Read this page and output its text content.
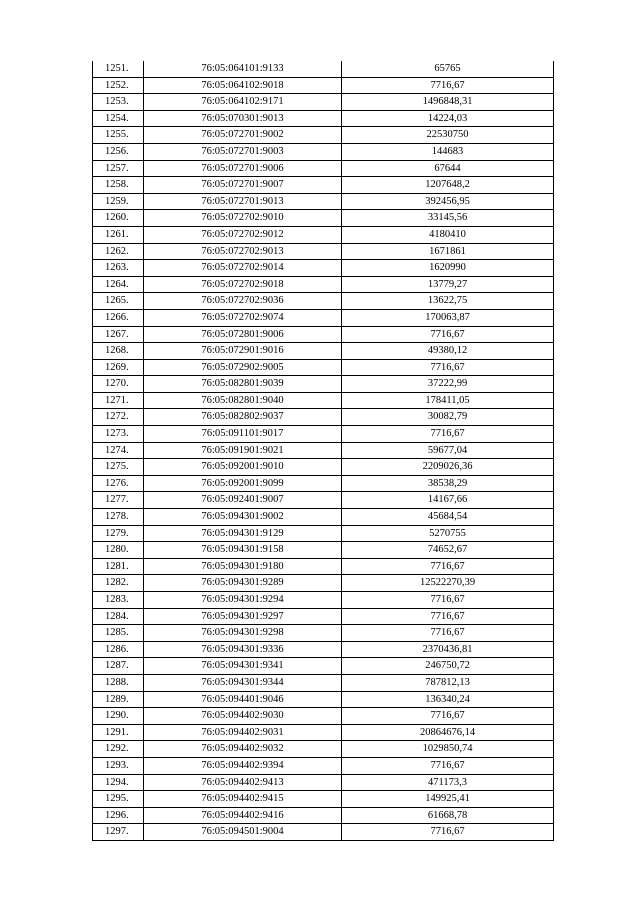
1251.	76:05:064101:9133	65765
1252.	76:05:064102:9018	7716,67
1253.	76:05:064102:9171	1496848,31
1254.	76:05:070301:9013	14224,03
1255.	76:05:072701:9002	22530750
1256.	76:05:072701:9003	144683
1257.	76:05:072701:9006	67644
1258.	76:05:072701:9007	1207648,2
1259.	76:05:072701:9013	392456,95
1260.	76:05:072702:9010	33145,56
1261.	76:05:072702:9012	4180410
1262.	76:05:072702:9013	1671861
1263.	76:05:072702:9014	1620990
1264.	76:05:072702:9018	13779,27
1265.	76:05:072702:9036	13622,75
1266.	76:05:072702:9074	170063,87
1267.	76:05:072801:9006	7716,67
1268.	76:05:072901:9016	49380,12
1269.	76:05:072902:9005	7716,67
1270.	76:05:082801:9039	37222,99
1271.	76:05:082801:9040	178411,05
1272.	76:05:082802:9037	30082,79
1273.	76:05:091101:9017	7716,67
1274.	76:05:091901:9021	59677,04
1275.	76:05:092001:9010	2209026,36
1276.	76:05:092001:9099	38538,29
1277.	76:05:092401:9007	14167,66
1278.	76:05:094301:9002	45684,54
1279.	76:05:094301:9129	5270755
1280.	76:05:094301:9158	74652,67
1281.	76:05:094301:9180	7716,67
1282.	76:05:094301:9289	12522270,39
1283.	76:05:094301:9294	7716,67
1284.	76:05:094301:9297	7716,67
1285.	76:05:094301:9298	7716,67
1286.	76:05:094301:9336	2370436,81
1287.	76:05:094301:9341	246750,72
1288.	76:05:094301:9344	787812,13
1289.	76:05:094401:9046	136340,24
1290.	76:05:094402:9030	7716,67
1291.	76:05:094402:9031	20864676,14
1292.	76:05:094402:9032	1029850,74
1293.	76:05:094402:9394	7716,67
1294.	76:05:094402:9413	471173,3
1295.	76:05:094402:9415	149925,41
1296.	76:05:094402:9416	61668,78
1297.	76:05:094501:9004	7716,67
